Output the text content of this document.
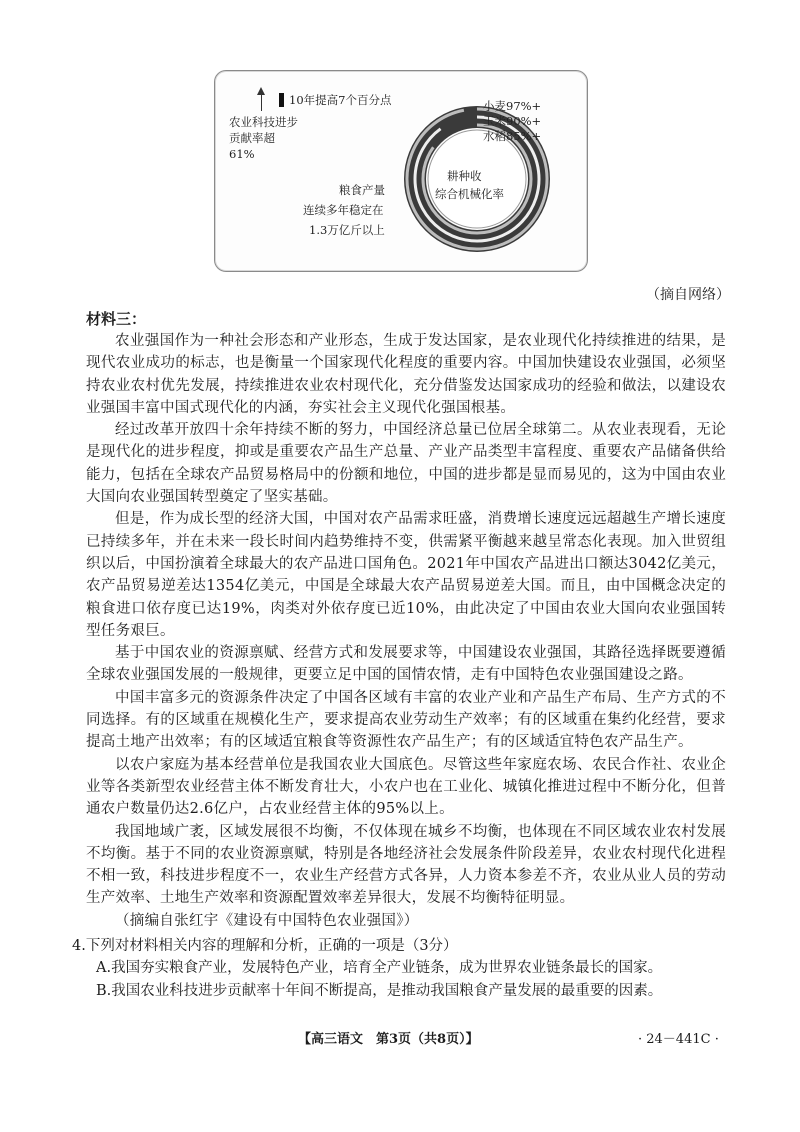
10年提高7个百分点
农业科技进步
贡献率超
61%
粮食产量
连续多年稳定在
1.3万亿斤以上
耕种收
综合机械化率
小麦97%+
玉米90%+
水稻85%+
（摘自网络）
材料三：

农业强国作为一种社会形态和产业形态，生成于发达国家，是农业现代化持续推进的结果，是现代农业成功的标志，也是衡量一个国家现代化程度的重要内容。中国加快建设农业强国，必须坚持农业农村优先发展，持续推进农业农村现代化，充分借鉴发达国家成功的经验和做法，以建设农业强国丰富中国式现代化的内涵，夯实社会主义现代化强国根基。

经过改革开放四十余年持续不断的努力，中国经济总量已位居全球第二。从农业表现看，无论是现代化的进步程度，抑或是重要农产品生产总量、产业产品类型丰富程度、重要农产品储备供给能力，包括在全球农产品贸易格局中的份额和地位，中国的进步都是显而易见的，这为中国由农业大国向农业强国转型奠定了坚实基础。

但是，作为成长型的经济大国，中国对农产品需求旺盛，消费增长速度远远超越生产增长速度已持续多年，并在未来一段长时间内趋势维持不变，供需紧平衡越来越呈常态化表现。加入世贸组织以后，中国扮演着全球最大的农产品进口国角色。2021年中国农产品进出口额达3042亿美元，农产品贸易逆差达1354亿美元，中国是全球最大农产品贸易逆差大国。而且，由中国概念决定的粮食进口依存度已达19%，肉类对外依存度已近10%，由此决定了中国由农业大国向农业强国转型任务艰巨。

基于中国农业的资源禀赋、经营方式和发展要求等，中国建设农业强国，其路径选择既要遵循全球农业强国发展的一般规律，更要立足中国的国情农情，走有中国特色农业强国建设之路。

中国丰富多元的资源条件决定了中国各区域有丰富的农业产业和产品生产布局、生产方式的不同选择。有的区域重在规模化生产，要求提高农业劳动生产效率；有的区域重在集约化经营，要求提高土地产出效率；有的区域适宜粮食等资源性农产品生产；有的区域适宜特色农产品生产。

以农户家庭为基本经营单位是我国农业大国底色。尽管这些年家庭农场、农民合作社、农业企业等各类新型农业经营主体不断发育壮大，小农户也在工业化、城镇化推进过程中不断分化，但普通农户数量仍达2.6亿户，占农业经营主体的95%以上。

我国地域广袤，区域发展很不均衡，不仅体现在城乡不均衡，也体现在不同区域农业农村发展不均衡。基于不同的农业资源禀赋，特别是各地经济社会发展条件阶段差异，农业农村现代化进程不相一致，科技进步程度不一，农业生产经营方式各异，人力资本参差不齐，农业从业人员的劳动生产效率、土地生产效率和资源配置效率差异很大，发展不均衡特征明显。

（摘编自张红宇《建设有中国特色农业强国》）

4.下列对材料相关内容的理解和分析，正确的一项是（3分）

A.我国夯实粮食产业，发展特色产业，培育全产业链条，成为世界农业链条最长的国家。

B.我国农业科技进步贡献率十年间不断提高，是推动我国粮食产量发展的最重要的因素。

【高三语文　第3页（共8页）】	· 24－441C ·
